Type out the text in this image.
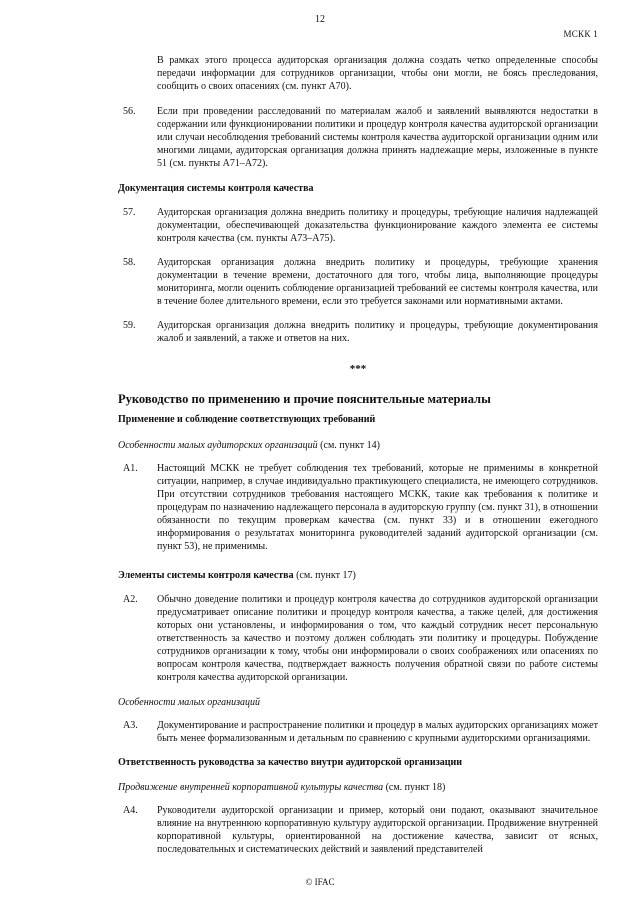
12
МСКК 1

В рамках этого процесса аудиторская организация должна создать четко определенные способы передачи информации для сотрудников организации, чтобы они могли, не боясь преследования, сообщить о своих опасениях (см. пункт A70).

56.	Если при проведении расследований по материалам жалоб и заявлений выявляются недостатки в содержании или функционировании политики и процедур контроля качества аудиторской организации или случаи несоблюдения требований системы контроля качества аудиторской организации одним или многими лицами, аудиторская организация должна принять надлежащие меры, изложенные в пункте 51 (см. пункты A71–A72).

Документация системы контроля качества
57.	Аудиторская организация должна внедрить политику и процедуры, требующие наличия надлежащей документации, обеспечивающей доказательства функционирование каждого элемента ее системы контроля качества (см. пункты A73–A75).

58.	Аудиторская организация должна внедрить политику и процедуры, требующие хранения документации в течение времени, достаточного для того, чтобы лица, выполняющие процедуры мониторинга, могли оценить соблюдение организацией требований ее системы контроля качества, или в течение более длительного времени, если это требуется законами или нормативными актами.

59.	Аудиторская организация должна внедрить политику и процедуры, требующие документирования жалоб и заявлений, а также и ответов на них.

***
Руководство по применению и прочие пояснительные материалы
Применение и соблюдение соответствующих требований
Особенности малых аудиторских организаций (см. пункт 14)
A1.	Настоящий МСКК не требует соблюдения тех требований, которые не применимы в конкретной ситуации, например, в случае индивидуально практикующего специалиста, не имеющего сотрудников. При отсутствии сотрудников требования настоящего МСКК, такие как требования к политике и процедурам по назначению надлежащего персонала в аудиторскую группу (см. пункт 31), в отношении обязанности по текущим проверкам качества (см. пункт 33) и в отношении ежегодного информирования о результатах мониторинга руководителей заданий аудиторской организации (см. пункт 53), не применимы.

Элементы системы контроля качества (см. пункт 17)
A2.	Обычно доведение политики и процедур контроля качества до сотрудников аудиторской организации предусматривает описание политики и процедур контроля качества, а также целей, для достижения которых они установлены, и информирования о том, что каждый сотрудник несет персональную ответственность за качество и поэтому должен соблюдать эти политику и процедуры. Побуждение сотрудников организации к тому, чтобы они информировали о своих соображениях или опасениях по вопросам контроля качества, подтверждает важность получения обратной связи по работе системы контроля качества аудиторской организации.

Особенности малых организаций
A3.	Документирование и распространение политики и процедур в малых аудиторских организациях может быть менее формализованным и детальным по сравнению с крупными аудиторскими организациями.

Ответственность руководства за качество внутри аудиторской организации
Продвижение внутренней корпоративной культуры качества (см. пункт 18)
A4.	Руководители аудиторской организации и пример, который они подают, оказывают значительное влияние на внутреннюю корпоративную культуру аудиторской организации. Продвижение внутренней корпоративной культуры, ориентированной на достижение качества, зависит от ясных, последовательных и систематических действий и заявлений представителей

© IFAC
